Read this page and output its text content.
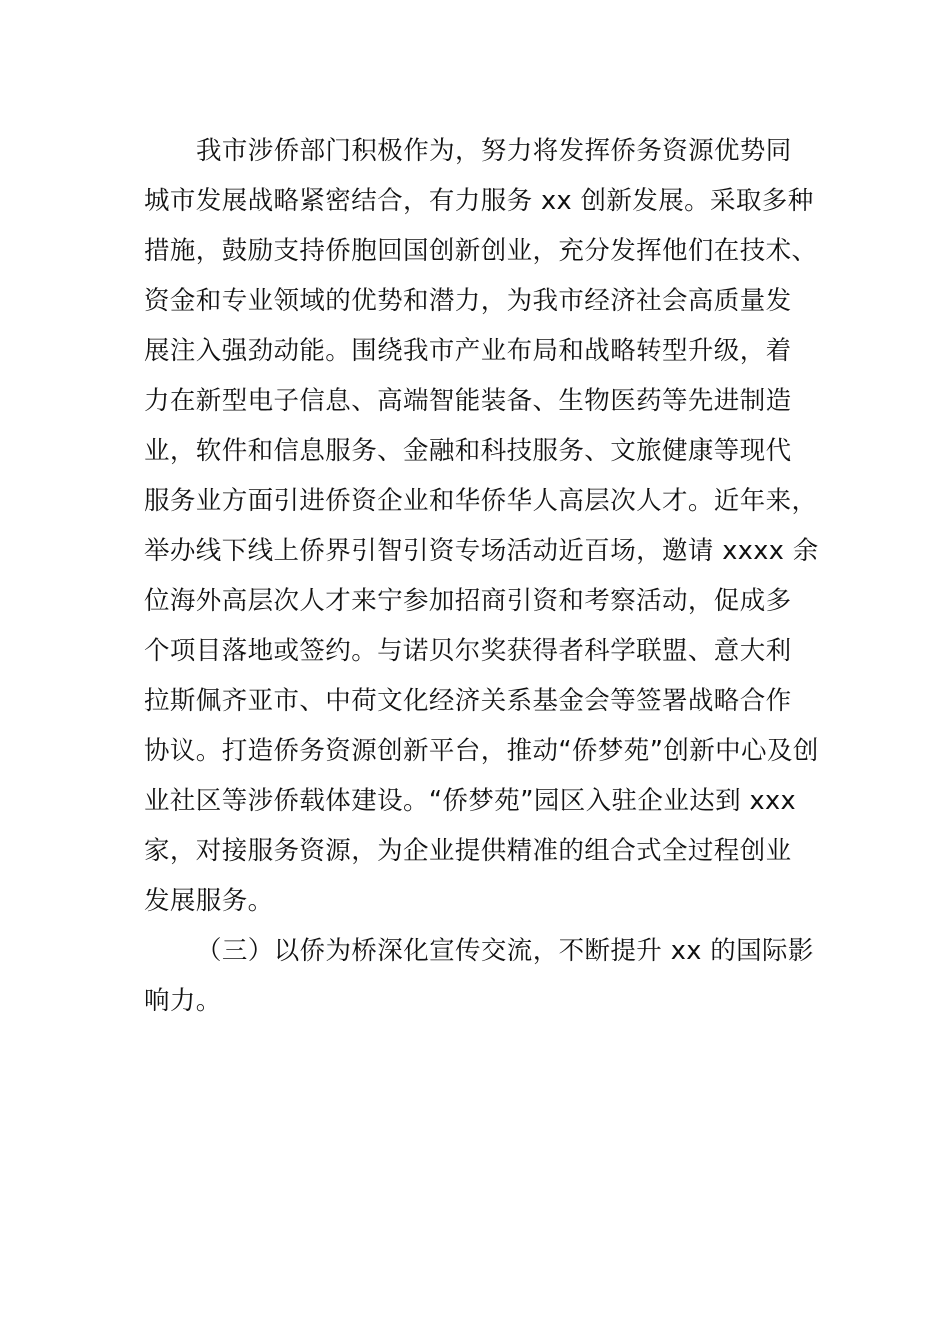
我市涉侨部门积极作为，努力将发挥侨务资源优势同
城市发展战略紧密结合，有力服务 xx 创新发展。采取多种
措施，鼓励支持侨胞回国创新创业，充分发挥他们在技术、
资金和专业领域的优势和潜力，为我市经济社会高质量发
展注入强劲动能。围绕我市产业布局和战略转型升级，着
力在新型电子信息、高端智能装备、生物医药等先进制造
业，软件和信息服务、金融和科技服务、文旅健康等现代
服务业方面引进侨资企业和华侨华人高层次人才。近年来，
举办线下线上侨界引智引资专场活动近百场，邀请 xxxx 余
位海外高层次人才来宁参加招商引资和考察活动，促成多
个项目落地或签约。与诺贝尔奖获得者科学联盟、意大利
拉斯佩齐亚市、中荷文化经济关系基金会等签署战略合作
协议。打造侨务资源创新平台，推动“侨梦苑”创新中心及创
业社区等涉侨载体建设。“侨梦苑”园区入驻企业达到 xxx
家，对接服务资源，为企业提供精准的组合式全过程创业
发展服务。
（三）以侨为桥深化宣传交流，不断提升 xx 的国际影
响力。
